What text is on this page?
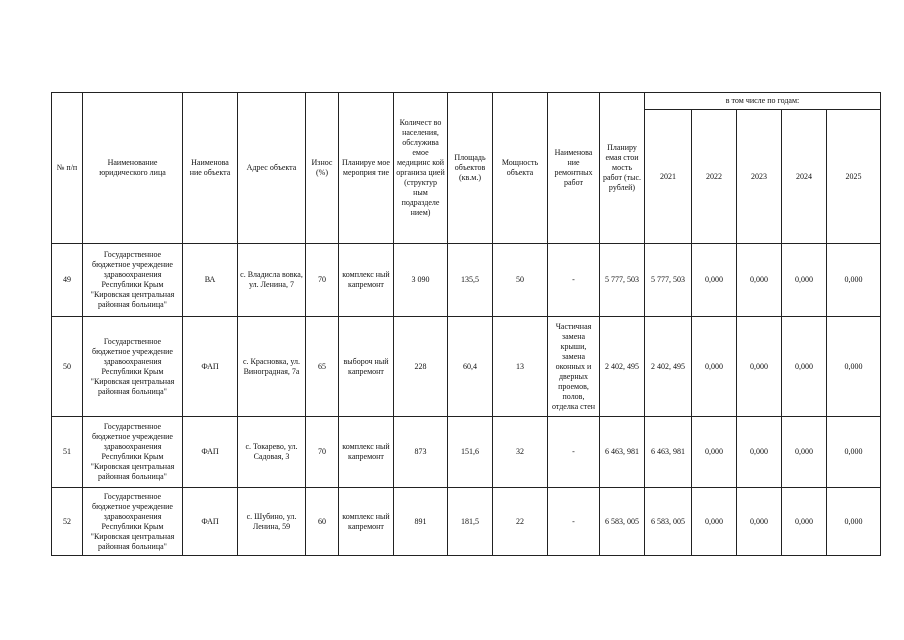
№ п/п	Наименование юридического лица	Наименова ние объекта	Адрес объекта	Износ (%)	Планируе мое мероприя тие	Количест во населения, обслужива емое медицинс кой организа цией (структур ным подразделе нием)	Площадь объектов (кв.м.)	Мощность объекта	Наименова ние ремонтных работ	Планиру емая стои мость работ (тыс. рублей)	в том числе по годам:				
											2021	2022	2023	2024	2025
49	Государственное бюджетное учреждение здравоохранения Республики Крым "Кировская центральная районная больница"	ВА	с. Владисла вовка, ул. Ленина, 7	70	комплекс ный капремонт	3 090	135,5	50	-	5 777, 503	5 777, 503	0,000	0,000	0,000	0,000
50	Государственное бюджетное учреждение здравоохранения Республики Крым "Кировская центральная районная больница"	ФАП	с. Красновка, ул. Виноградная, 7а	65	выбороч ный капремонт	228	60,4	13	Частичная замена крыши, замена оконных и дверных проемов, полов, отделка стен	2 402, 495	2 402, 495	0,000	0,000	0,000	0,000
51	Государственное бюджетное учреждение здравоохранения Республики Крым "Кировская центральная районная больница"	ФАП	с. Токарево, ул. Садовая, 3	70	комплекс ный капремонт	873	151,6	32	-	6 463, 981	6 463, 981	0,000	0,000	0,000	0,000
52	Государственное бюджетное учреждение здравоохранения Республики Крым "Кировская центральная районная больница"	ФАП	с. Шубино, ул. Ленина, 59	60	комплекс ный капремонт	891	181,5	22	-	6 583, 005	6 583, 005	0,000	0,000	0,000	0,000
